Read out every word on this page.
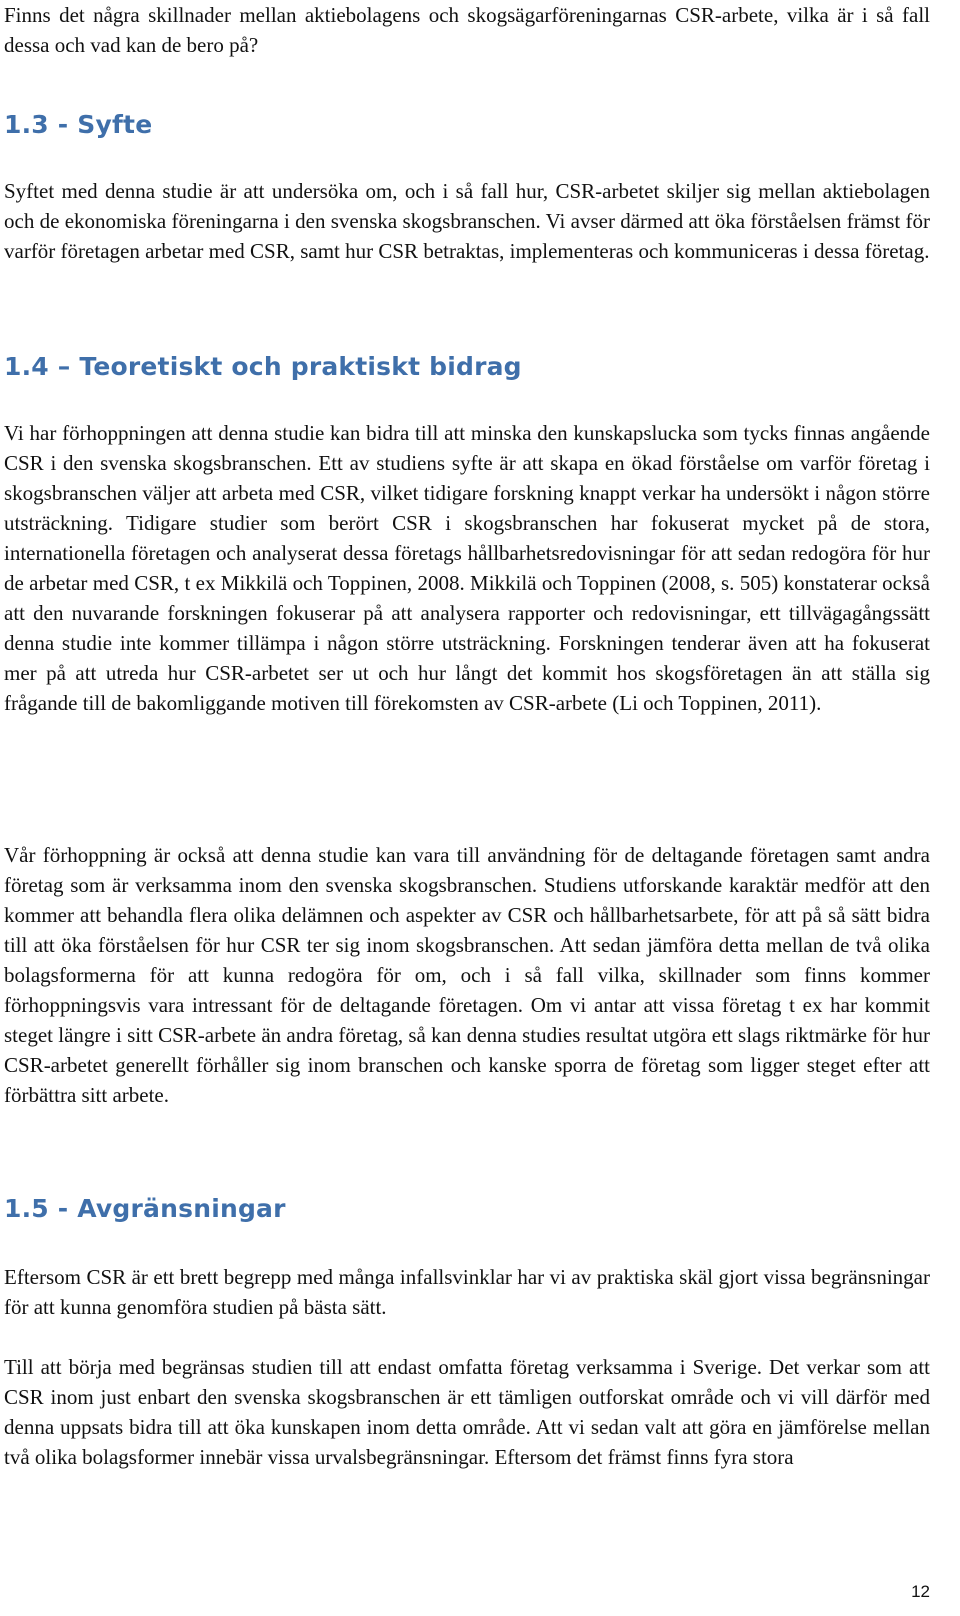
Finns det några skillnader mellan aktiebolagens och skogsägarföreningarnas CSR-arbete, vilka är i så fall dessa och vad kan de bero på?

1.3 - Syfte

Syftet med denna studie är att undersöka om, och i så fall hur, CSR-arbetet skiljer sig mellan aktiebolagen och de ekonomiska föreningarna i den svenska skogsbranschen. Vi avser därmed att öka förståelsen främst för varför företagen arbetar med CSR, samt hur CSR betraktas, implementeras och kommuniceras i dessa företag.

1.4 – Teoretiskt och praktiskt bidrag

Vi har förhoppningen att denna studie kan bidra till att minska den kunskapslucka som tycks finnas angående CSR i den svenska skogsbranschen. Ett av studiens syfte är att skapa en ökad förståelse om varför företag i skogsbranschen väljer att arbeta med CSR, vilket tidigare forskning knappt verkar ha undersökt i någon större utsträckning. Tidigare studier som berört CSR i skogsbranschen har fokuserat mycket på de stora, internationella företagen och analyserat dessa företags hållbarhetsredovisningar för att sedan redogöra för hur de arbetar med CSR, t ex Mikkilä och Toppinen, 2008. Mikkilä och Toppinen (2008, s. 505) konstaterar också att den nuvarande forskningen fokuserar på att analysera rapporter och redovisningar, ett tillvägagångssätt denna studie inte kommer tillämpa i någon större utsträckning. Forskningen tenderar även att ha fokuserat mer på att utreda hur CSR-arbetet ser ut och hur långt det kommit hos skogsföretagen än att ställa sig frågande till de bakomliggande motiven till förekomsten av CSR-arbete (Li och Toppinen, 2011).

Vår förhoppning är också att denna studie kan vara till användning för de deltagande företagen samt andra företag som är verksamma inom den svenska skogsbranschen. Studiens utforskande karaktär medför att den kommer att behandla flera olika delämnen och aspekter av CSR och hållbarhetsarbete, för att på så sätt bidra till att öka förståelsen för hur CSR ter sig inom skogsbranschen. Att sedan jämföra detta mellan de två olika bolagsformerna för att kunna redogöra för om, och i så fall vilka, skillnader som finns kommer förhoppningsvis vara intressant för de deltagande företagen. Om vi antar att vissa företag t ex har kommit steget längre i sitt CSR-arbete än andra företag, så kan denna studies resultat utgöra ett slags riktmärke för hur CSR-arbetet generellt förhåller sig inom branschen och kanske sporra de företag som ligger steget efter att förbättra sitt arbete.

1.5 - Avgränsningar

Eftersom CSR är ett brett begrepp med många infallsvinklar har vi av praktiska skäl gjort vissa begränsningar för att kunna genomföra studien på bästa sätt.

Till att börja med begränsas studien till att endast omfatta företag verksamma i Sverige. Det verkar som att CSR inom just enbart den svenska skogsbranschen är ett tämligen outforskat område och vi vill därför med denna uppsats bidra till att öka kunskapen inom detta område. Att vi sedan valt att göra en jämförelse mellan två olika bolagsformer innebär vissa urvalsbegränsningar. Eftersom det främst finns fyra stora

12
